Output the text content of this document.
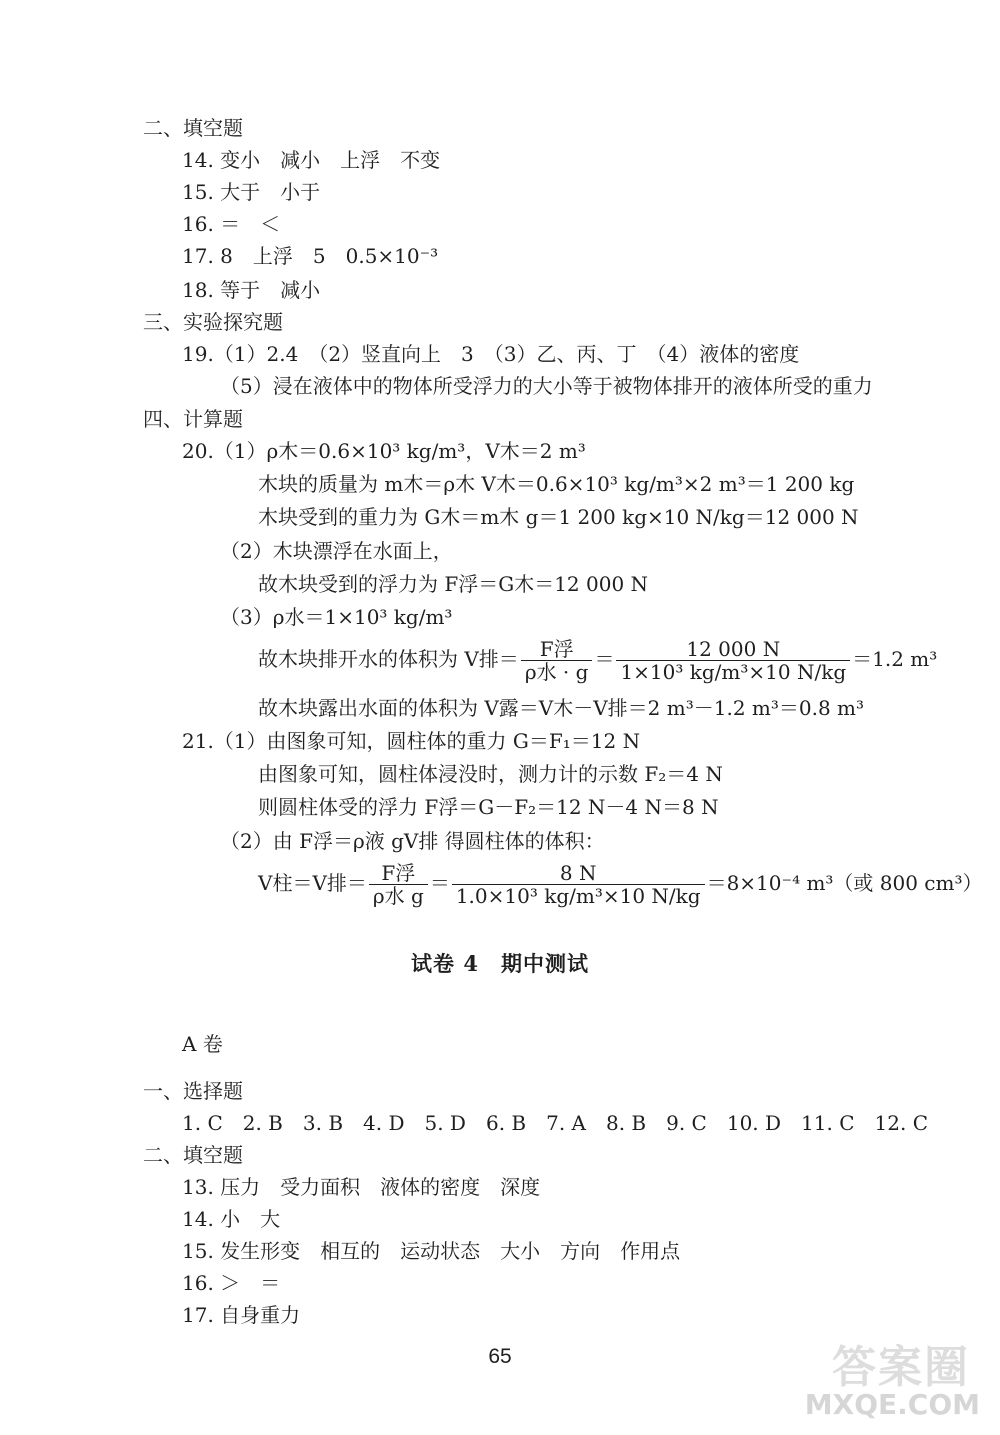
二、填空题
14. 变小　减小　上浮　不变
15. 大于　小于
16. ＝　＜
17. 8　上浮　5　0.5×10⁻³
18. 等于　减小
三、实验探究题
19.（1）2.4　（2）竖直向上　3　（3）乙、丙、丁　（4）液体的密度
（5）浸在液体中的物体所受浮力的大小等于被物体排开的液体所受的重力
四、计算题
20.（1）ρ木＝0.6×10³ kg/m³，V木＝2 m³
木块的质量为 m木＝ρ木 V木＝0.6×10³ kg/m³×2 m³＝1 200 kg
木块受到的重力为 G木＝m木 g＝1 200 kg×10 N/kg＝12 000 N
（2）木块漂浮在水面上，
故木块受到的浮力为 F浮＝G木＝12 000 N
（3）ρ水＝1×10³ kg/m³
故木块排开水的体积为 V排＝ $\frac{\text{F浮}}{\text{ρ水 · g}} = \frac{12 000 N}{\text{1×10³ kg/m³×10 N/kg}} =1.2$ m³
故木块露出水面的体积为 V露＝V木－V排＝2 m³－1.2 m³＝0.8 m³
21.（1）由图象可知，圆柱体的重力 G＝F₁＝12 N
由图象可知，圆柱体浸没时，测力计的示数 F₂＝4 N
则圆柱体受的浮力 F浮＝G－F₂＝12 N－4 N＝8 N
（2）由 F浮＝ρ液 gV排 得圆柱体的体积：
V柱＝V排＝ $\frac{\text{F浮}}{\text{ρ水 g}} = \frac{8 N}{\text{1.0×10³ kg/m³×10 N/kg}} =8\times 10^{-4}$ m³（或 800 cm³）
试卷 4　期中测试
A 卷
一、选择题
1. C　2. B　3. B　4. D　5. D　6. B　7. A　8. B　9. C　10. D　11. C　12. C
二、填空题
13. 压力　受力面积　液体的密度　深度
14. 小　大
15. 发生形变　相互的　运动状态　大小　方向　作用点
16. ＞　＝
17. 自身重力
65	答案圈
MXQE.COM
